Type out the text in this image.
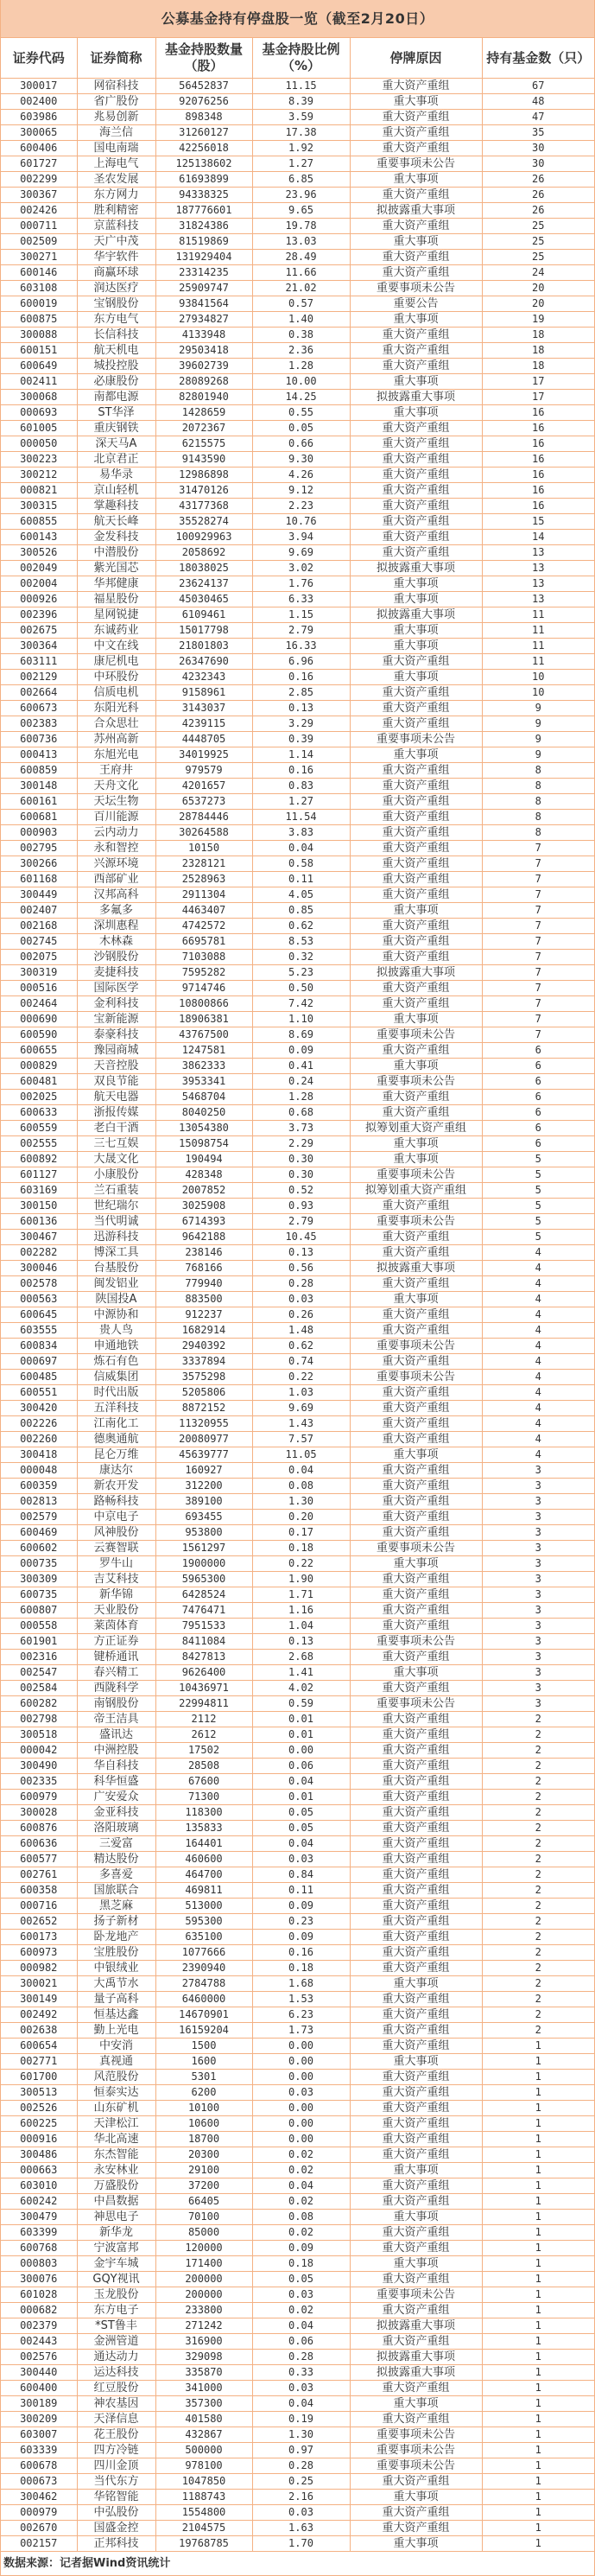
公募基金持有停盘股一览（截至2月20日）
证券代码	证券简称	基金持股数量（股）	基金持股比例（%）	停牌原因	持有基金数（只）
300017	网宿科技	56452837	11.15	重大资产重组	67
002400	省广股份	92076256	8.39	重大事项	48
603986	兆易创新	898348	3.59	重大资产重组	47
300065	海兰信	31260127	17.38	重大资产重组	35
600406	国电南瑞	42256018	1.92	重大资产重组	30
601727	上海电气	125138602	1.27	重要事项未公告	30
002299	圣农发展	61693899	6.85	重大事项	26
300367	东方网力	94338325	23.96	重大资产重组	26
002426	胜利精密	187776601	9.65	拟披露重大事项	26
000711	京蓝科技	31824386	19.78	重大资产重组	25
002509	天广中茂	81519869	13.03	重大事项	25
300271	华宇软件	131929404	28.49	重大资产重组	25
600146	商赢环球	23314235	11.66	重大资产重组	24
603108	润达医疗	25909747	21.02	重要事项未公告	20
600019	宝钢股份	93841564	0.57	重要公告	20
600875	东方电气	27934827	1.40	重大事项	19
300088	长信科技	4133948	0.38	重大资产重组	18
600151	航天机电	29503418	2.36	重大资产重组	18
600649	城投控股	39602739	1.28	重大资产重组	18
002411	必康股份	28089268	10.00	重大事项	17
300068	南都电源	82801940	14.25	拟披露重大事项	17
000693	ST华泽	1428659	0.55	重大事项	16
601005	重庆钢铁	2072367	0.05	重大资产重组	16
000050	深天马A	6215575	0.66	重大资产重组	16
300223	北京君正	9143590	9.30	重大资产重组	16
300212	易华录	12986898	4.26	重大资产重组	16
000821	京山轻机	31470126	9.12	重大资产重组	16
300315	掌趣科技	43177368	2.23	重大资产重组	16
600855	航天长峰	35528274	10.76	重大资产重组	15
600143	金发科技	100929963	3.94	重大资产重组	14
300526	中潜股份	2058692	9.69	重大资产重组	13
002049	紫光国芯	18038025	3.02	拟披露重大事项	13
002004	华邦健康	23624137	1.76	重大事项	13
000926	福星股份	45030465	6.33	重大事项	13
002396	星网锐捷	6109461	1.15	拟披露重大事项	11
002675	东诚药业	15017798	2.79	重大事项	11
300364	中文在线	21801803	16.33	重大事项	11
603111	康尼机电	26347690	6.96	重大资产重组	11
002129	中环股份	4232343	0.16	重大事项	10
002664	信质电机	9158961	2.85	重大资产重组	10
600673	东阳光科	3143037	0.13	重大资产重组	9
002383	合众思壮	4239115	3.29	重大资产重组	9
600736	苏州高新	4448705	0.39	重要事项未公告	9
000413	东旭光电	34019925	1.14	重大事项	9
600859	王府井	979579	0.16	重大资产重组	8
300148	天舟文化	4201657	0.83	重大资产重组	8
600161	天坛生物	6537273	1.27	重大资产重组	8
600681	百川能源	28784446	11.54	重大资产重组	8
000903	云内动力	30264588	3.83	重大资产重组	8
002795	永和智控	10150	0.04	重大资产重组	7
300266	兴源环境	2328121	0.58	重大资产重组	7
601168	西部矿业	2528963	0.11	重大资产重组	7
300449	汉邦高科	2911304	4.05	重大资产重组	7
002407	多氟多	4463407	0.85	重大事项	7
002168	深圳惠程	4742572	0.62	重大资产重组	7
002745	木林森	6695781	8.53	重大资产重组	7
002075	沙钢股份	7103088	0.32	重大资产重组	7
300319	麦捷科技	7595282	5.23	拟披露重大事项	7
000516	国际医学	9714746	0.50	重大资产重组	7
002464	金利科技	10800866	7.42	重大资产重组	7
000690	宝新能源	18906381	1.10	重大事项	7
600590	泰豪科技	43767500	8.69	重要事项未公告	7
600655	豫园商城	1247581	0.09	重大资产重组	6
000829	天音控股	3862333	0.41	重大事项	6
600481	双良节能	3953341	0.24	重要事项未公告	6
002025	航天电器	5468704	1.28	重大资产重组	6
600633	浙报传媒	8040250	0.68	重大资产重组	6
600559	老白干酒	13054380	3.73	拟筹划重大资产重组	6
002555	三七互娱	15098754	2.29	重大事项	6
600892	大晟文化	190494	0.30	重大事项	5
601127	小康股份	428348	0.30	重要事项未公告	5
603169	兰石重装	2007852	0.52	拟筹划重大资产重组	5
300150	世纪瑞尔	3025908	0.93	重大资产重组	5
600136	当代明诚	6714393	2.79	重要事项未公告	5
300467	迅游科技	9642188	10.45	重大资产重组	5
002282	博深工具	238146	0.13	重大资产重组	4
300046	台基股份	768166	0.56	拟披露重大事项	4
002578	闽发铝业	779940	0.28	重大资产重组	4
000563	陕国投A	883500	0.03	重大事项	4
600645	中源协和	912237	0.26	重大资产重组	4
603555	贵人鸟	1682914	1.48	重大资产重组	4
600834	申通地铁	2940392	0.62	重要事项未公告	4
000697	炼石有色	3337894	0.74	重大资产重组	4
600485	信威集团	3575298	0.22	重要事项未公告	4
600551	时代出版	5205806	1.03	重大资产重组	4
300420	五洋科技	8872152	9.69	重大资产重组	4
002226	江南化工	11320955	1.43	重大资产重组	4
002260	德奥通航	20080977	7.57	重大资产重组	4
300418	昆仑万维	45639777	11.05	重大事项	4
000048	康达尔	160927	0.04	重大资产重组	3
600359	新农开发	312200	0.08	重大资产重组	3
002813	路畅科技	389100	1.30	重大资产重组	3
002579	中京电子	693455	0.20	重大资产重组	3
600469	风神股份	953800	0.17	重大资产重组	3
600602	云赛智联	1561297	0.18	重要事项未公告	3
000735	罗牛山	1900000	0.22	重大事项	3
300309	吉艾科技	5965300	1.90	重大资产重组	3
600735	新华锦	6428524	1.71	重大资产重组	3
600807	天业股份	7476471	1.16	重大资产重组	3
000558	莱茵体育	7951533	1.04	重大资产重组	3
601901	方正证券	8411084	0.13	重要事项未公告	3
002316	键桥通讯	8427813	2.68	重大资产重组	3
002547	春兴精工	9626400	1.41	重大事项	3
002584	西陇科学	10436971	4.02	重大资产重组	3
600282	南钢股份	22994811	0.59	重要事项未公告	3
002798	帝王洁具	2112	0.01	重大资产重组	2
300518	盛讯达	2612	0.01	重大资产重组	2
000042	中洲控股	17502	0.00	重大资产重组	2
300490	华自科技	28508	0.06	重大资产重组	2
002335	科华恒盛	67600	0.04	重大资产重组	2
600979	广安爱众	71300	0.01	重大资产重组	2
300028	金亚科技	118300	0.05	重大资产重组	2
600876	洛阳玻璃	135833	0.05	重大资产重组	2
600636	三爱富	164401	0.04	重大资产重组	2
600577	精达股份	460600	0.03	重大资产重组	2
002761	多喜爱	464700	0.84	重大资产重组	2
600358	国旅联合	469811	0.11	重大资产重组	2
000716	黑芝麻	513000	0.09	重大资产重组	2
002652	扬子新材	595300	0.23	重大资产重组	2
600173	卧龙地产	635100	0.09	重大资产重组	2
600973	宝胜股份	1077666	0.16	重大资产重组	2
000982	中银绒业	2390940	0.18	重大资产重组	2
300021	大禹节水	2784788	1.68	重大事项	2
300149	量子高科	6460000	1.53	重大资产重组	2
002492	恒基达鑫	14670901	6.23	重大资产重组	2
002638	勤上光电	16159204	1.73	重大资产重组	2
600654	中安消	1500	0.00	重大资产重组	1
002771	真视通	1600	0.00	重大事项	1
601700	风范股份	5301	0.00	重大资产重组	1
300513	恒泰实达	6200	0.03	重大资产重组	1
002526	山东矿机	10100	0.00	重大资产重组	1
600225	天津松江	10600	0.00	重大资产重组	1
000916	华北高速	18700	0.00	重大资产重组	1
300486	东杰智能	20300	0.02	重大资产重组	1
000663	永安林业	29100	0.02	重大事项	1
603010	万盛股份	37200	0.04	重大资产重组	1
600242	中昌数据	66405	0.02	重大资产重组	1
300479	神思电子	70100	0.08	重大事项	1
603399	新华龙	85000	0.02	重大资产重组	1
600768	宁波富邦	120000	0.09	重大资产重组	1
000803	金宇车城	171400	0.18	重大事项	1
300076	GQY视讯	200000	0.05	重大资产重组	1
601028	玉龙股份	200000	0.03	重要事项未公告	1
000682	东方电子	233800	0.02	重大资产重组	1
002379	*ST鲁丰	271242	0.04	拟披露重大事项	1
002443	金洲管道	316900	0.06	重大资产重组	1
002576	通达动力	329098	0.28	拟披露重大事项	1
300440	运达科技	335870	0.33	拟披露重大事项	1
600400	红豆股份	341000	0.03	重大资产重组	1
300189	神农基因	357300	0.04	重大事项	1
300209	天泽信息	401580	0.19	重大资产重组	1
603007	花王股份	432867	1.30	重要事项未公告	1
603339	四方冷链	500000	0.97	重要事项未公告	1
600678	四川金顶	978100	0.28	重要事项未公告	1
000673	当代东方	1047850	0.25	重大资产重组	1
300462	华铭智能	1188743	2.16	重大事项	1
000979	中弘股份	1554800	0.03	重大资产重组	1
002670	国盛金控	2104575	1.63	重大资产重组	1
002157	正邦科技	19768785	1.70	重大事项	1
数据来源：记者据Wind资讯统计
